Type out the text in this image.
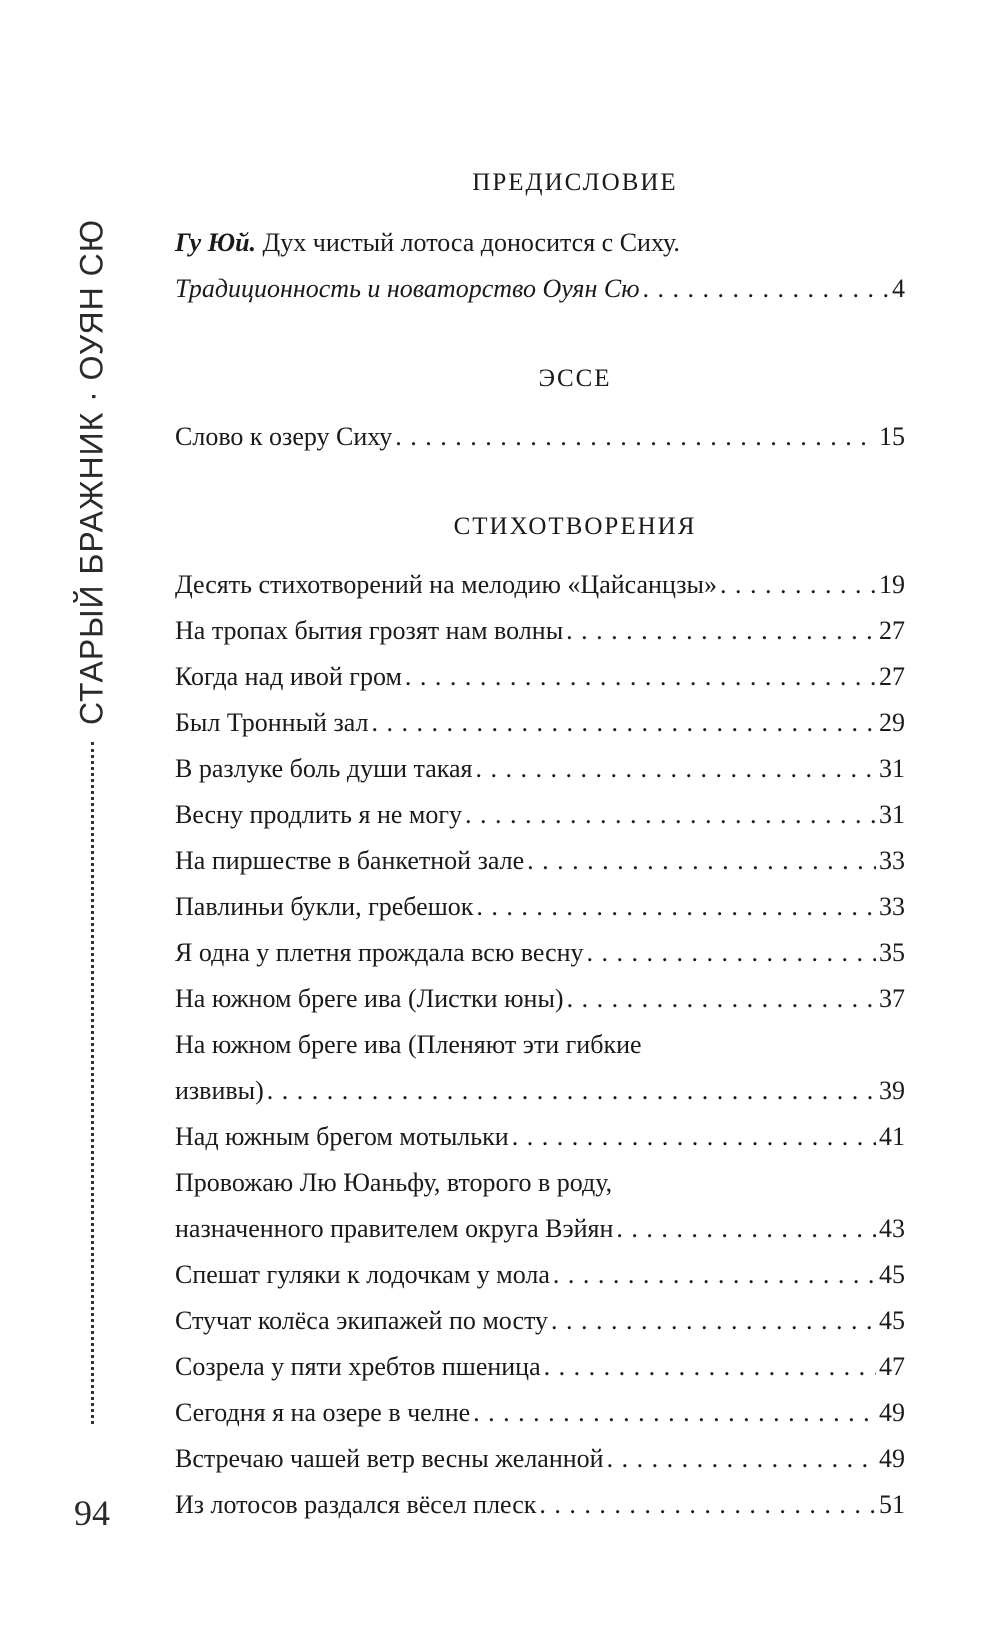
СТАРЫЙ БРАЖНИК · ОУЯН СЮ
94

ПРЕДИСЛОВИЕ

Гу Юй. Дух чистый лотоса доносится с Сиху.

Традиционность и новаторство Оуян Сю . . .	4

ЭССЕ

Слово к озеру Сиху . . .	15

СТИХОТВОРЕНИЯ

Десять стихотворений на мелодию «Цайсанцзы» . . .	19
На тропах бытия грозят нам волны . . .	27
Когда над ивой гром . . .	27
Был Тронный зал . . .	29
В разлуке боль души такая . . .	31
Весну продлить я не могу . . .	31
На пиршестве в банкетной зале . . .	33
Павлиньи букли, гребешок . . .	33
Я одна у плетня прождала всю весну . . .	35
На южном бреге ива (Листки юны) . . .	37

На южном бреге ива (Пленяют эти гибкие

извивы) . . .	39
Над южным брегом мотыльки . . .	41

Провожаю Лю Юаньфу, второго в роду,

назначенного правителем округа Вэйян . . .	43
Спешат гуляки к лодочкам у мола . . .	45
Стучат колёса экипажей по мосту . . .	45
Созрела у пяти хребтов пшеница . . .	47
Сегодня я на озере в челне . . .	49
Встречаю чашей ветр весны желанной . . .	49
Из лотосов раздался вёсел плеск . . .	51
